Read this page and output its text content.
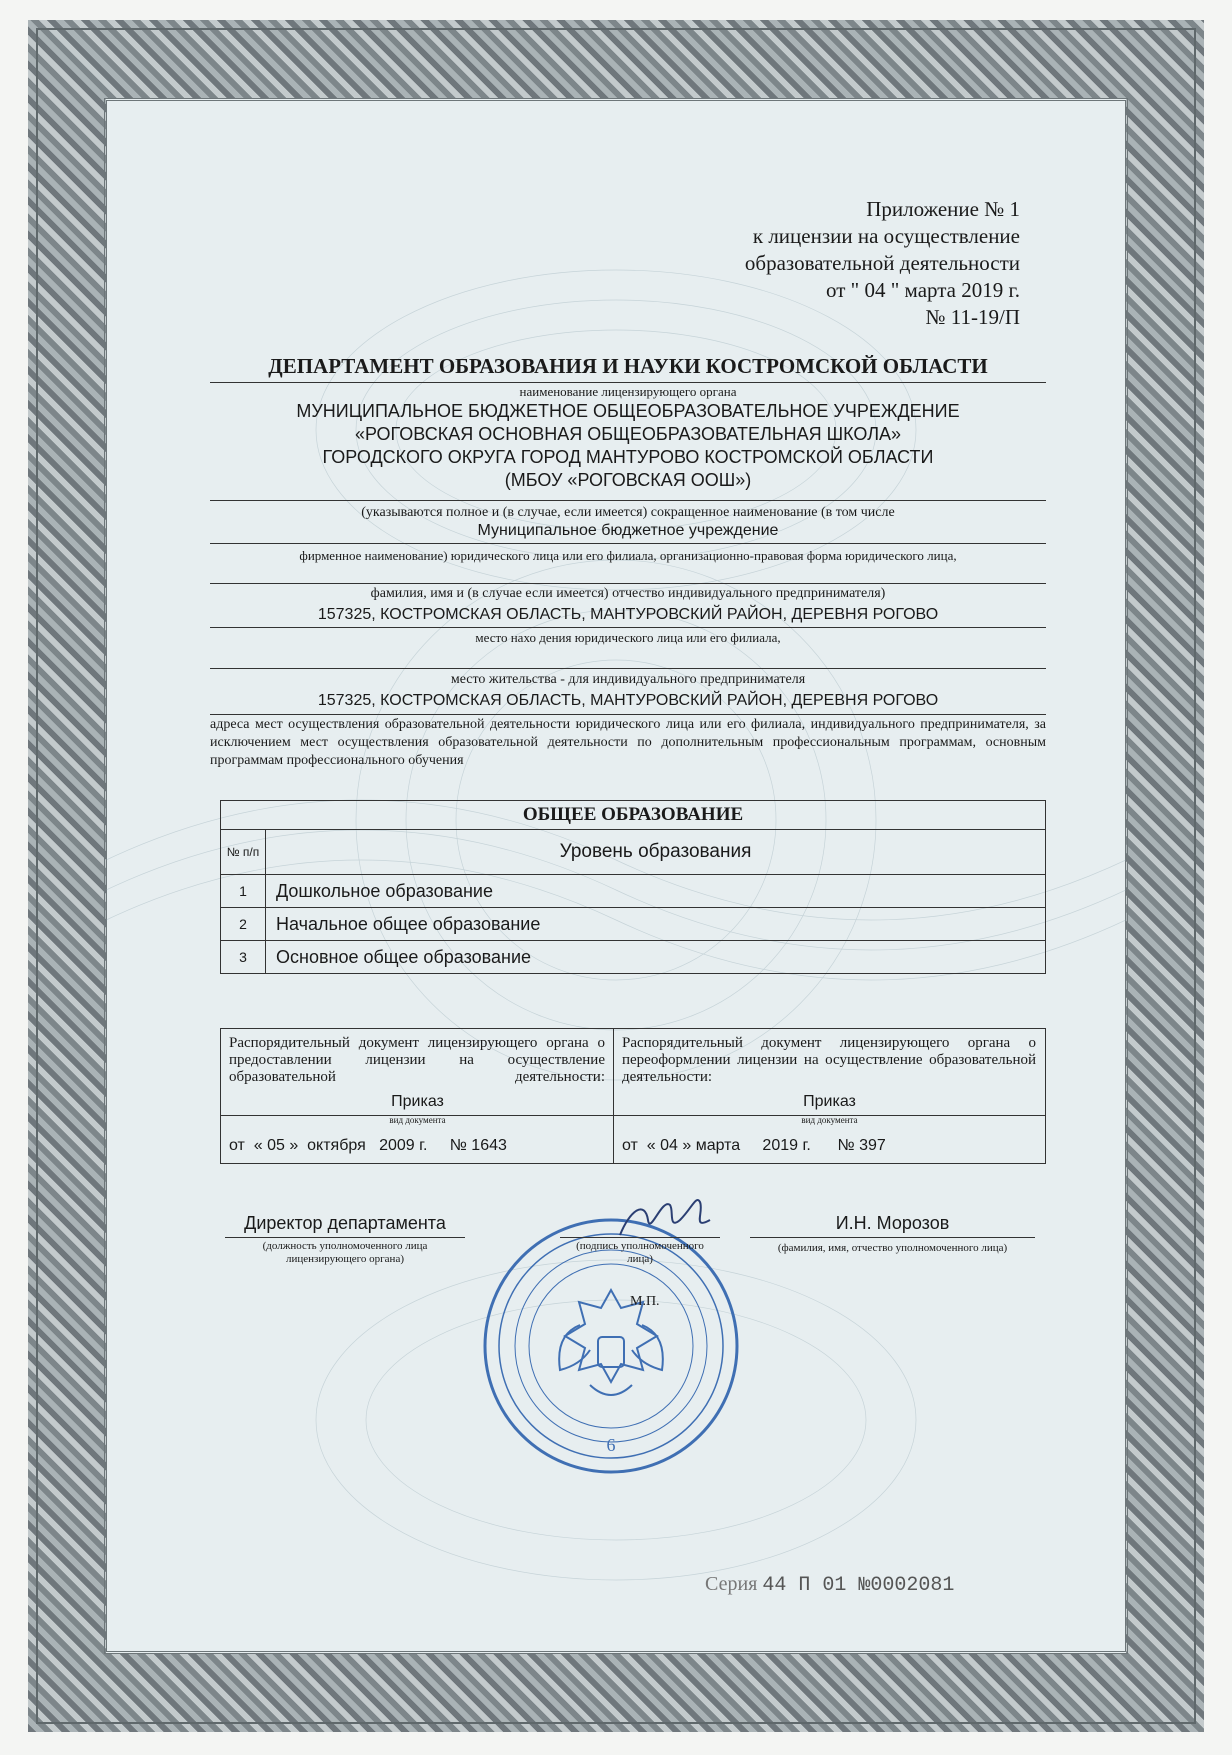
Приложение № 1
к лицензии на осуществление
образовательной деятельности
от " 04 " марта 2019 г.
№ 11-19/П
ДЕПАРТАМЕНТ ОБРАЗОВАНИЯ И НАУКИ КОСТРОМСКОЙ ОБЛАСТИ
наименование лицензирующего органа
МУНИЦИПАЛЬНОЕ БЮДЖЕТНОЕ ОБЩЕОБРАЗОВАТЕЛЬНОЕ УЧРЕЖДЕНИЕ
«РОГОВСКАЯ ОСНОВНАЯ ОБЩЕОБРАЗОВАТЕЛЬНАЯ ШКОЛА»
ГОРОДСКОГО ОКРУГА ГОРОД МАНТУРОВО КОСТРОМСКОЙ ОБЛАСТИ
(МБОУ «РОГОВСКАЯ ООШ»)
(указываются полное и (в случае, если имеется) сокращенное наименование (в том числе
Муниципальное бюджетное учреждение
фирменное наименование) юридического лица или его филиала, организационно-правовая форма юридического лица,
фамилия, имя и (в случае если имеется) отчество индивидуального предпринимателя)
157325, КОСТРОМСКАЯ ОБЛАСТЬ, МАНТУРОВСКИЙ РАЙОН, ДЕРЕВНЯ РОГОВО
место нахо дения юридического лица или его филиала,
место жительства - для индивидуального предпринимателя
157325, КОСТРОМСКАЯ ОБЛАСТЬ, МАНТУРОВСКИЙ РАЙОН, ДЕРЕВНЯ РОГОВО
адреса мест осуществления образовательной деятельности юридического лица или его филиала, индивидуального предпринимателя, за исключением мест осуществления образовательной деятельности по дополнительным профессиональным программам, основным программам профессионального обучения
ОБЩЕЕ ОБРАЗОВАНИЕ	
№ п/п	Уровень образования
1	Дошкольное образование
2	Начальное общее образование
3	Основное общее образование
Распорядительный документ лицензирующего органа о предоставлении лицензии на осуществление образовательной деятельности:
Приказ
вид документа
от  « 05 »  октября   2009 г.     № 1643
Распорядительный документ лицензирующего органа о переоформлении лицензии на осуществление образовательной деятельности:
Приказ
вид документа
от  « 04 » марта     2019 г.      № 397
6
Директор департамента
(должность уполномоченного лица лицензирующего органа)
(подпись уполномоченного лица)
И.Н. Морозов
(фамилия, имя, отчество уполномоченного лица)
М.П.
Серия 44 П 01 №0002081
